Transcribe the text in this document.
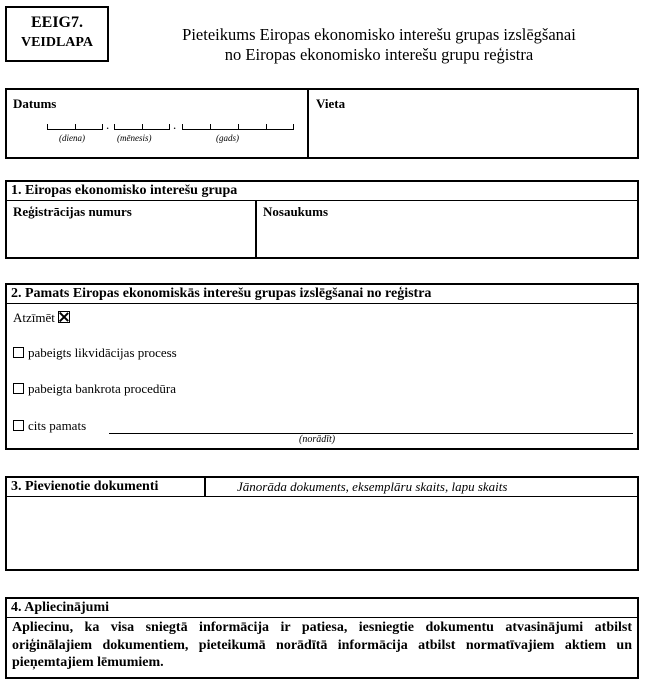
EEIG7.
VEIDLAPA	Pieteikums Eiropas ekonomisko interešu grupas izslēgšanai
no Eiropas ekonomisko interešu grupu reģistra
Datums	Vieta
.	.
(diena)	(mēnesis)	(gads)
1. Eiropas ekonomisko interešu grupa
Reģistrācijas numurs	Nosaukums
2. Pamats Eiropas ekonomiskās interešu grupas izslēgšanai no reģistra
Atzīmēt
pabeigts likvidācijas process
pabeigta bankrota procedūra
cits pamats
(norādīt)
3. Pievienotie dokumenti	Jānorāda dokuments, eksemplāru skaits, lapu skaits
4. Apliecinājumi
Apliecinu, ka visa sniegtā informācija ir patiesa, iesniegtie dokumentu atvasinājumi atbilst oriģinālajiem dokumentiem, pieteikumā norādītā informācija atbilst normatīvajiem aktiem un pieņemtajiem lēmumiem.
